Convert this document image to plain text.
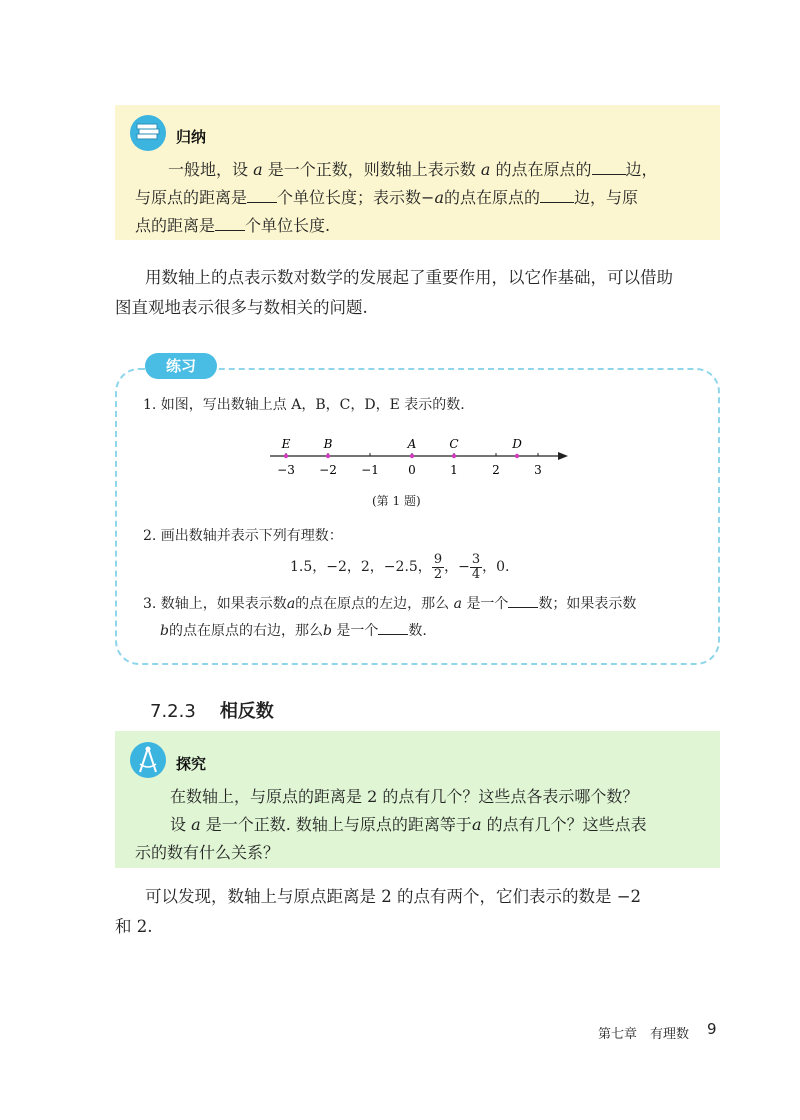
归纳
一般地，设 a 是一个正数，则数轴上表示数 a 的点在原点的 边，
与原点的距离是 个单位长度；表示数−a的点在原点的 边，与原
点的距离是 个单位长度.
用数轴上的点表示数对数学的发展起了重要作用，以它作基础，可以借助
图直观地表示很多与数相关的问题.
练习
1. 如图，写出数轴上点 A，B，C，D，E 表示的数.
−3 −2 −1 0	1	2	3
E	B	A	C	D
(第 1 题)
2. 画出数轴并表示下列有理数：
1.5，−2，2，−2.5， $\frac{9}{2}$ ，− $\frac{3}{4}$ ，0.
3. 数轴上，如果表示数a的点在原点的左边，那么 a 是一个 数；如果表示数
b的点在原点的右边，那么b 是一个 数.
7.2.3 相反数
探究
在数轴上，与原点的距离是 2 的点有几个？这些点各表示哪个数？
设 a 是一个正数. 数轴上与原点的距离等于a 的点有几个？这些点表
示的数有什么关系？
可以发现，数轴上与原点距离是 2 的点有两个，它们表示的数是 −2
和 2.
第七章　有理数 9
